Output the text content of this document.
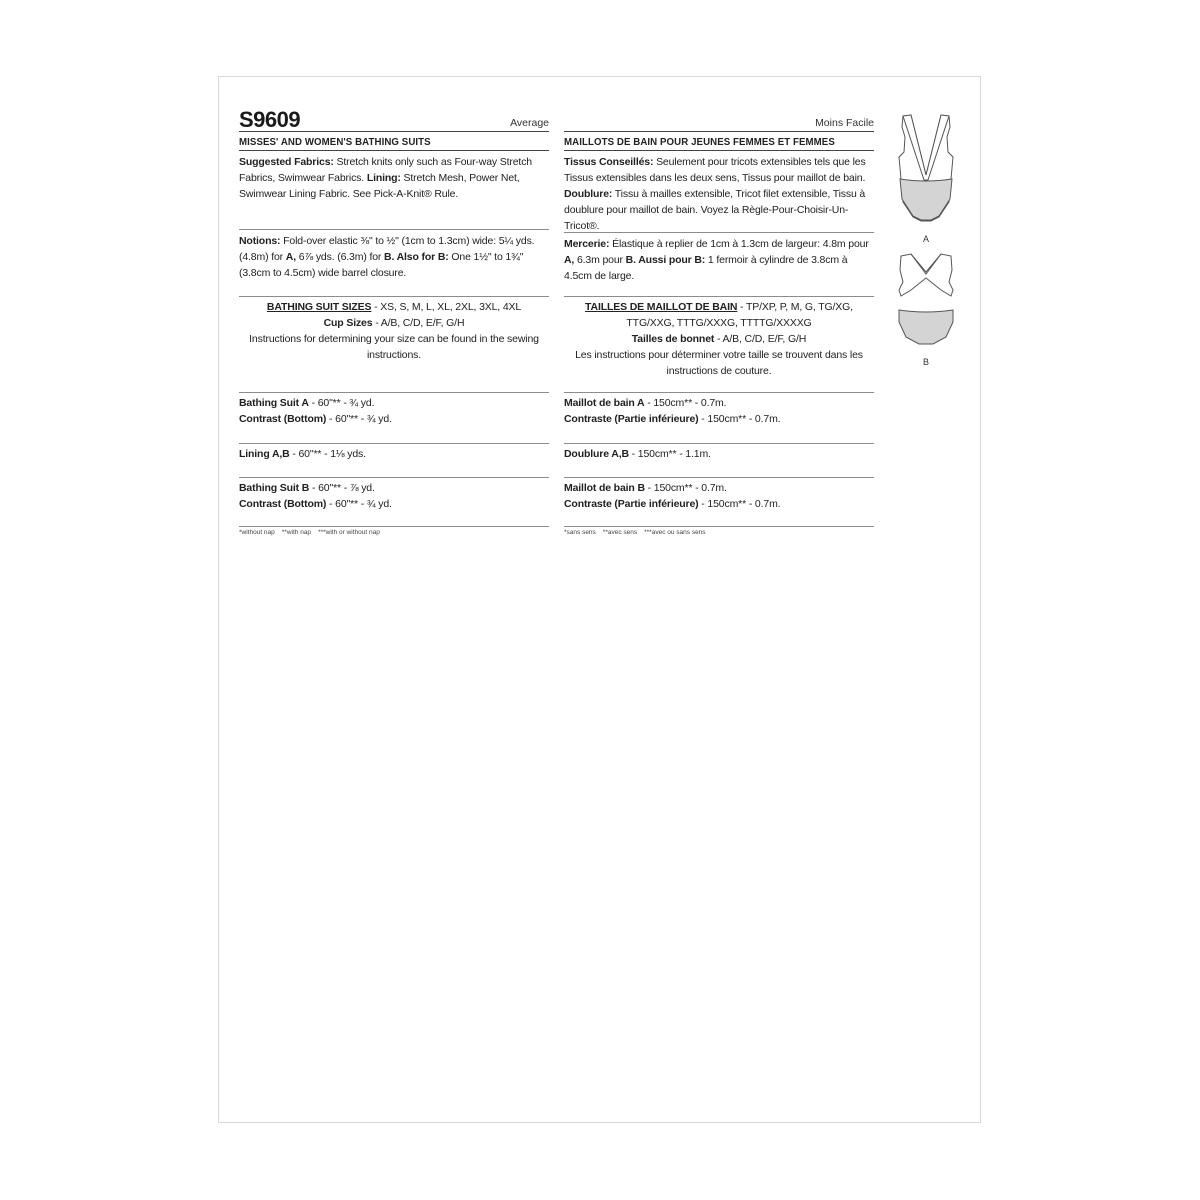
S9609	Average
MISSES' AND WOMEN'S BATHING SUITS
Suggested Fabrics: Stretch knits only such as Four-way Stretch Fabrics, Swimwear Fabrics. Lining: Stretch Mesh, Power Net, Swimwear Lining Fabric. See Pick-A-Knit® Rule.
Notions: Fold-over elastic ⅜" to ½" (1cm to 1.3cm) wide: 5¼ yds. (4.8m) for A, 6⅞ yds. (6.3m) for B. Also for B: One 1½" to 1¾" (3.8cm to 4.5cm) wide barrel closure.
BATHING SUIT SIZES - XS, S, M, L, XL, 2XL, 3XL, 4XL
Cup Sizes - A/B, C/D, E/F, G/H
Instructions for determining your size can be found in the sewing instructions.
Bathing Suit A - 60"** - ¾ yd.
Contrast (Bottom) - 60"** - ¾ yd.
Lining A,B - 60"** - 1⅛ yds.
Bathing Suit B - 60"** - ⅞ yd.
Contrast (Bottom) - 60"** - ¾ yd.
*without nap **with nap ***with or without nap
Moins Facile
MAILLOTS DE BAIN POUR JEUNES FEMMES ET FEMMES
Tissus Conseillés: Seulement pour tricots extensibles tels que les Tissus extensibles dans les deux sens, Tissus pour maillot de bain. Doublure: Tissu à mailles extensible, Tricot filet extensible, Tissu à doublure pour maillot de bain. Voyez la Règle-Pour-Choisir-Un-Tricot®.
Mercerie: Élastique à replier de 1cm à 1.3cm de largeur: 4.8m pour A, 6.3m pour B. Aussi pour B: 1 fermoir à cylindre de 3.8cm à 4.5cm de large.
TAILLES DE MAILLOT DE BAIN - TP/XP, P, M, G, TG/XG, TTG/XXG, TTTG/XXXG, TTTTG/XXXXG
Tailles de bonnet - A/B, C/D, E/F, G/H
Les instructions pour déterminer votre taille se trouvent dans les instructions de couture.
Maillot de bain A - 150cm** - 0.7m.
Contraste (Partie inférieure) - 150cm** - 0.7m.
Doublure A,B - 150cm** - 1.1m.
Maillot de bain B - 150cm** - 0.7m.
Contraste (Partie inférieure) - 150cm** - 0.7m.
*sans sens **avec sens ***avec ou sans sens
A
B
